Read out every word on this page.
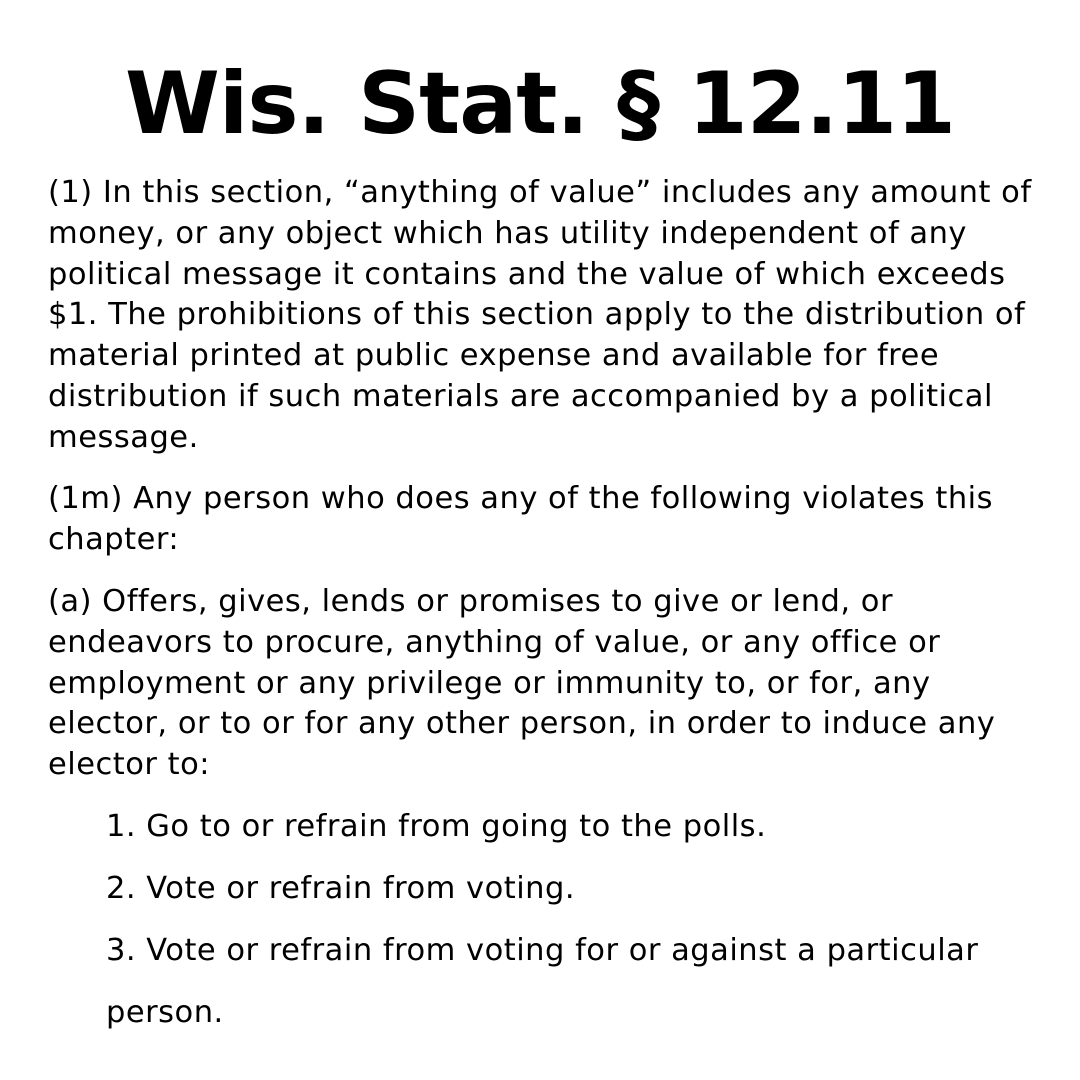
Wis. Stat. § 12.11

(1) In this section, “anything of value” includes any amount of money, or any object which has utility independent of any political message it contains and the value of which exceeds $1. The prohibitions of this section apply to the distribution of material printed at public expense and available for free distribution if such materials are accompanied by a political message.

(1m) Any person who does any of the following violates this chapter:

(a) Offers, gives, lends or promises to give or lend, or endeavors to procure, anything of value, or any office or employment or any privilege or immunity to, or for, any elector, or to or for any other person, in order to induce any elector to:

1. Go to or refrain from going to the polls.

2. Vote or refrain from voting.

3. Vote or refrain from voting for or against a particular person.
